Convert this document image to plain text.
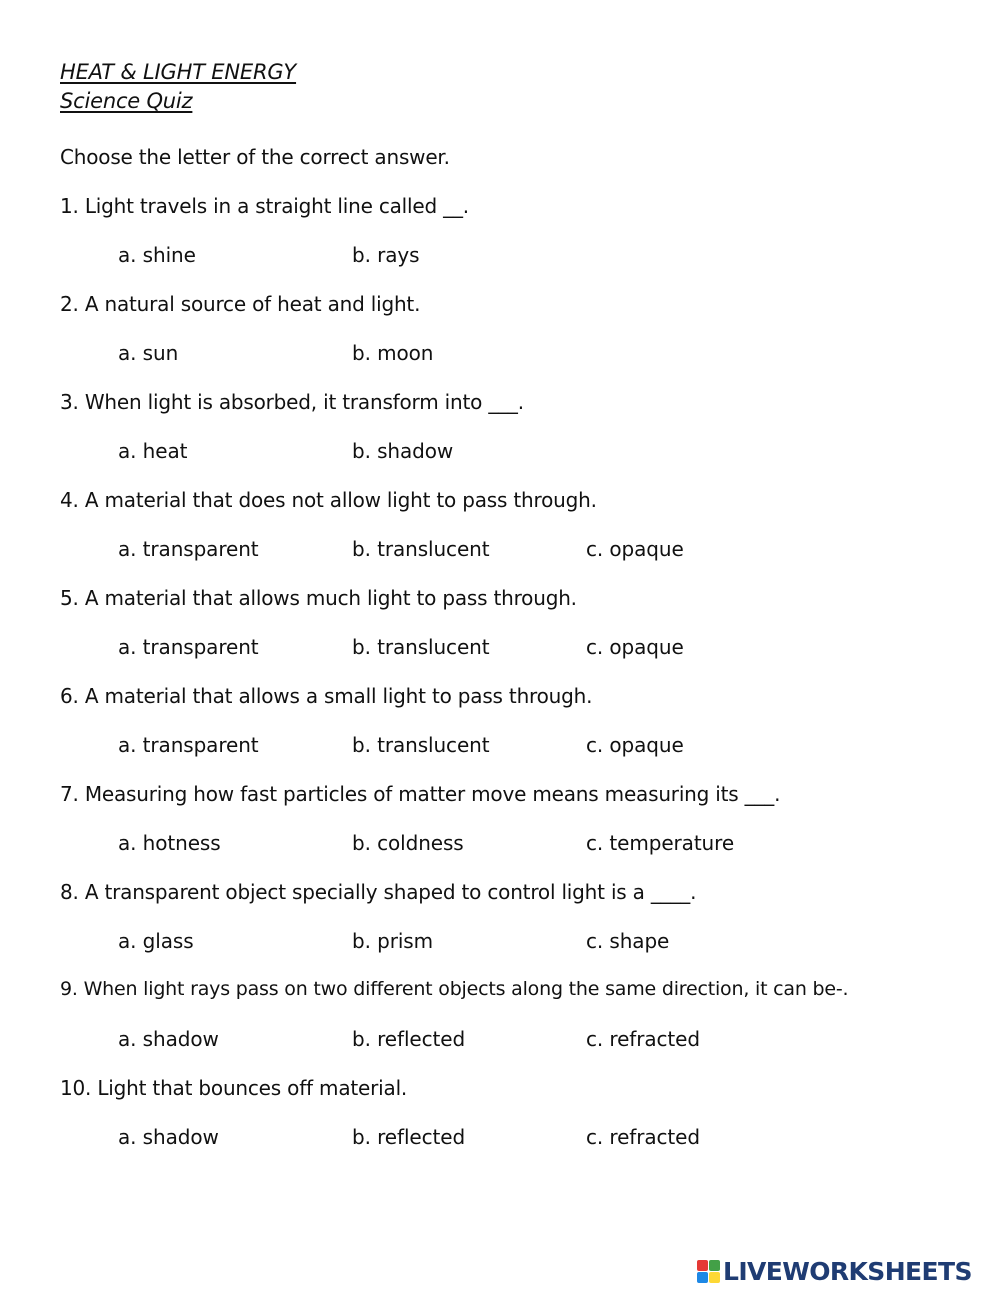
HEAT & LIGHT ENERGY
Science Quiz
Choose the letter of the correct answer.
1. Light travels in a straight line called __.
a. shine	b. rays
2. A natural source of heat and light.
a. sun	b. moon
3. When light is absorbed, it transform into ___.
a. heat	b. shadow
4. A material that does not allow light to pass through.
a. transparent	b. translucent	c. opaque
5. A material that allows much light to pass through.
a. transparent	b. translucent	c. opaque
6. A material that allows a small light to pass through.
a. transparent	b. translucent	c. opaque
7. Measuring how fast particles of matter move means measuring its ___.
a. hotness	b. coldness	c. temperature
8. A transparent object specially shaped to control light is a ____.
a. glass	b. prism	c. shape
9. When light rays pass on two different objects along the same direction, it can be-.
a. shadow	b. reflected	c. refracted
10. Light that bounces off material.
a. shadow	b. reflected	c. refracted
LIVEWORKSHEETS
